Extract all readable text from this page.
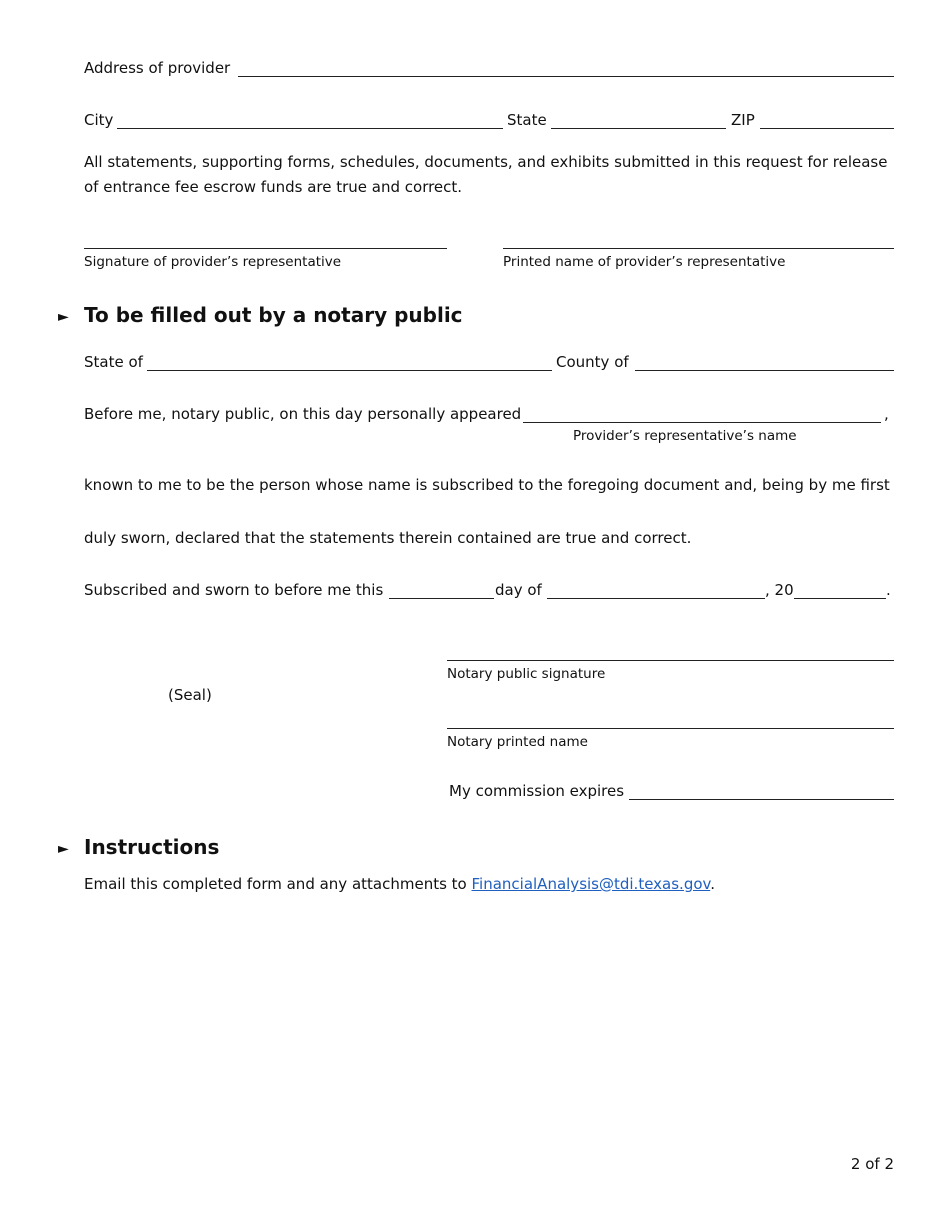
Address of provider
City	State	ZIP
All statements, supporting forms, schedules, documents, and exhibits submitted in this request for release of entrance fee escrow funds are true and correct.
Signature of provider’s representative	Printed name of provider’s representative
► To be filled out by a notary public
State of	County of
Before me, notary public, on this day personally appeared	,
Provider’s representative’s name
known to me to be the person whose name is subscribed to the foregoing document and, being by me first
duly sworn, declared that the statements therein contained are true and correct.
Subscribed and sworn to before me this	day of	, 20	.
(Seal)
Notary public signature
Notary printed name
My commission expires
► Instructions
Email this completed form and any attachments to FinancialAnalysis@tdi.texas.gov.
2 of 2
